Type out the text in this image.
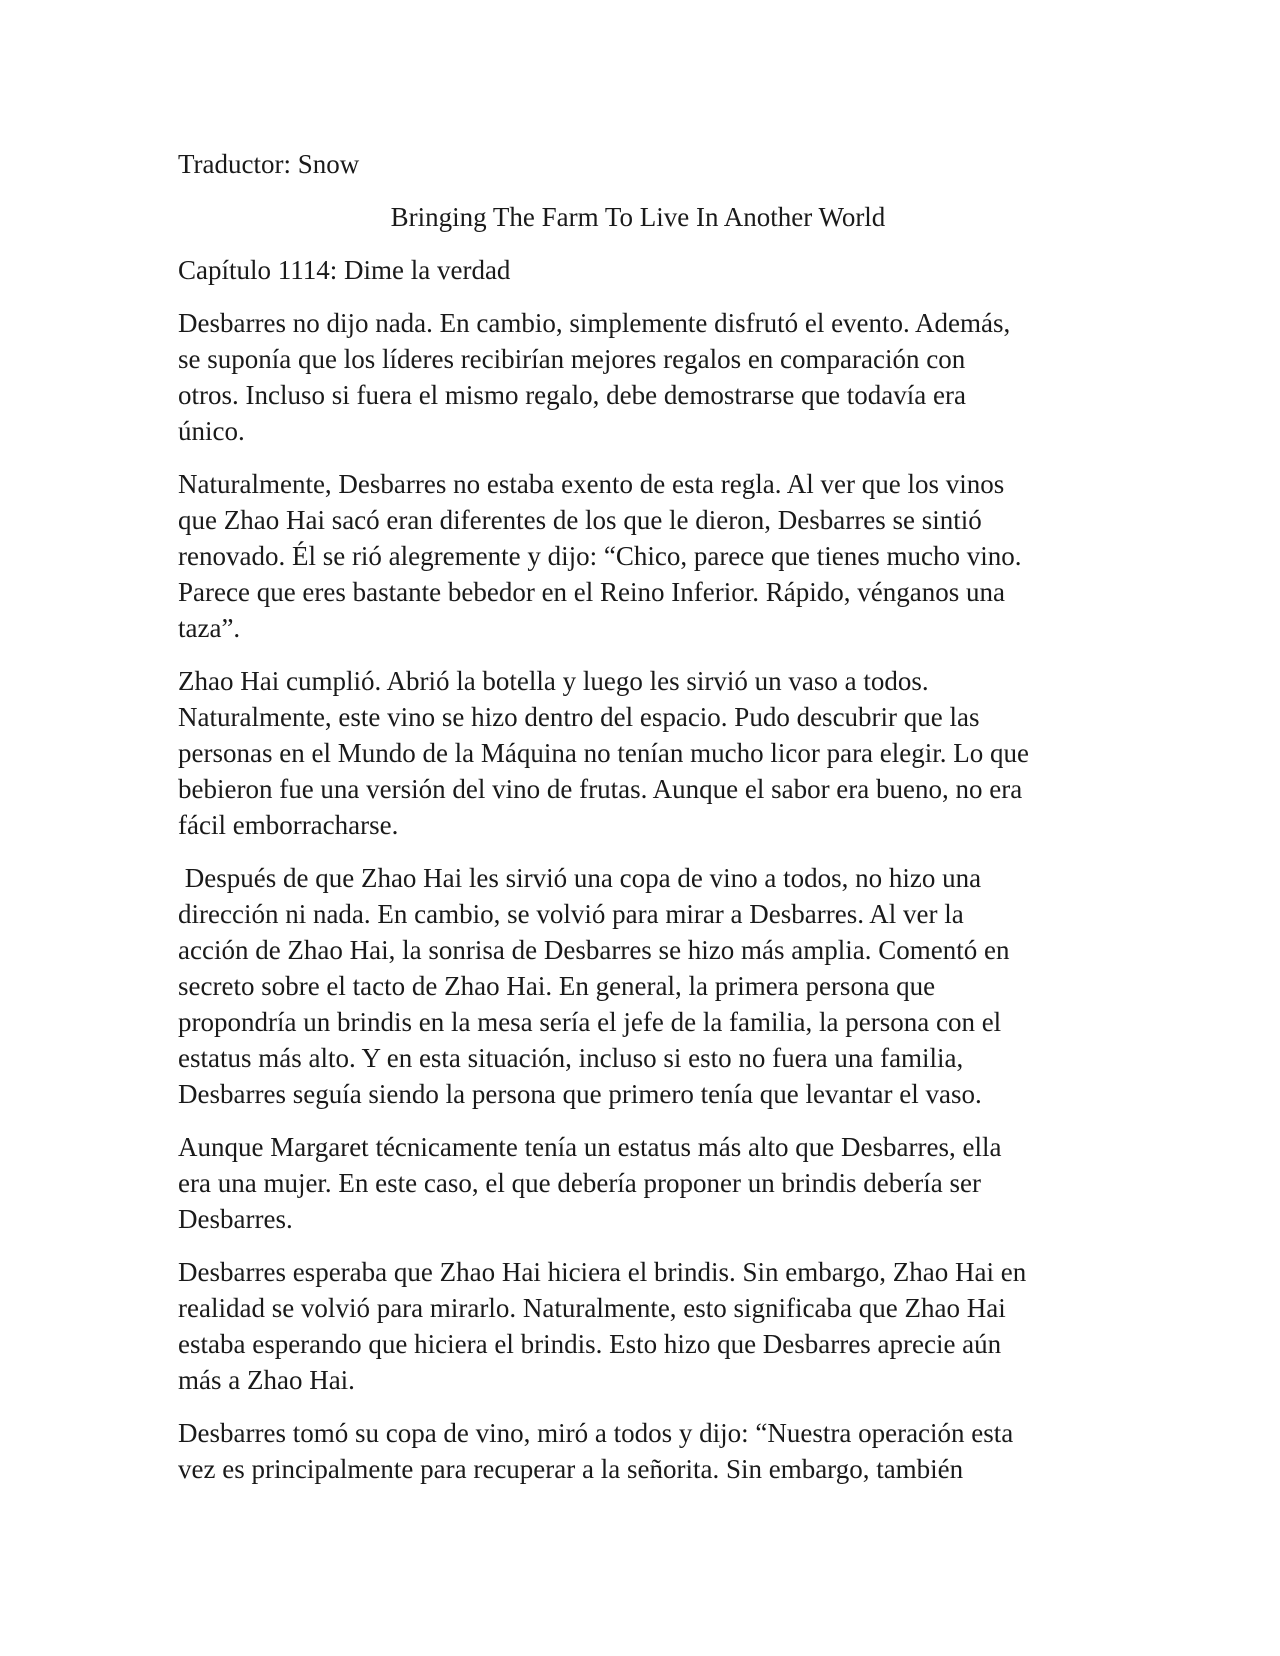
Traductor: Snow

Bringing The Farm To Live In Another World

Capítulo 1114: Dime la verdad

Desbarres no dijo nada. En cambio, simplemente disfrutó el evento. Además,

se suponía que los líderes recibirían mejores regalos en comparación con

otros. Incluso si fuera el mismo regalo, debe demostrarse que todavía era

único.

Naturalmente, Desbarres no estaba exento de esta regla. Al ver que los vinos

que Zhao Hai sacó eran diferentes de los que le dieron, Desbarres se sintió

renovado. Él se rió alegremente y dijo: “Chico, parece que tienes mucho vino.

Parece que eres bastante bebedor en el Reino Inferior. Rápido, vénganos una

taza”.

Zhao Hai cumplió. Abrió la botella y luego les sirvió un vaso a todos.

Naturalmente, este vino se hizo dentro del espacio. Pudo descubrir que las

personas en el Mundo de la Máquina no tenían mucho licor para elegir. Lo que

bebieron fue una versión del vino de frutas. Aunque el sabor era bueno, no era

fácil emborracharse.

Después de que Zhao Hai les sirvió una copa de vino a todos, no hizo una

dirección ni nada. En cambio, se volvió para mirar a Desbarres. Al ver la

acción de Zhao Hai, la sonrisa de Desbarres se hizo más amplia. Comentó en

secreto sobre el tacto de Zhao Hai. En general, la primera persona que

propondría un brindis en la mesa sería el jefe de la familia, la persona con el

estatus más alto. Y en esta situación, incluso si esto no fuera una familia,

Desbarres seguía siendo la persona que primero tenía que levantar el vaso.

Aunque Margaret técnicamente tenía un estatus más alto que Desbarres, ella

era una mujer. En este caso, el que debería proponer un brindis debería ser

Desbarres.

Desbarres esperaba que Zhao Hai hiciera el brindis. Sin embargo, Zhao Hai en

realidad se volvió para mirarlo. Naturalmente, esto significaba que Zhao Hai

estaba esperando que hiciera el brindis. Esto hizo que Desbarres aprecie aún

más a Zhao Hai.

Desbarres tomó su copa de vino, miró a todos y dijo: “Nuestra operación esta

vez es principalmente para recuperar a la señorita. Sin embargo, también
